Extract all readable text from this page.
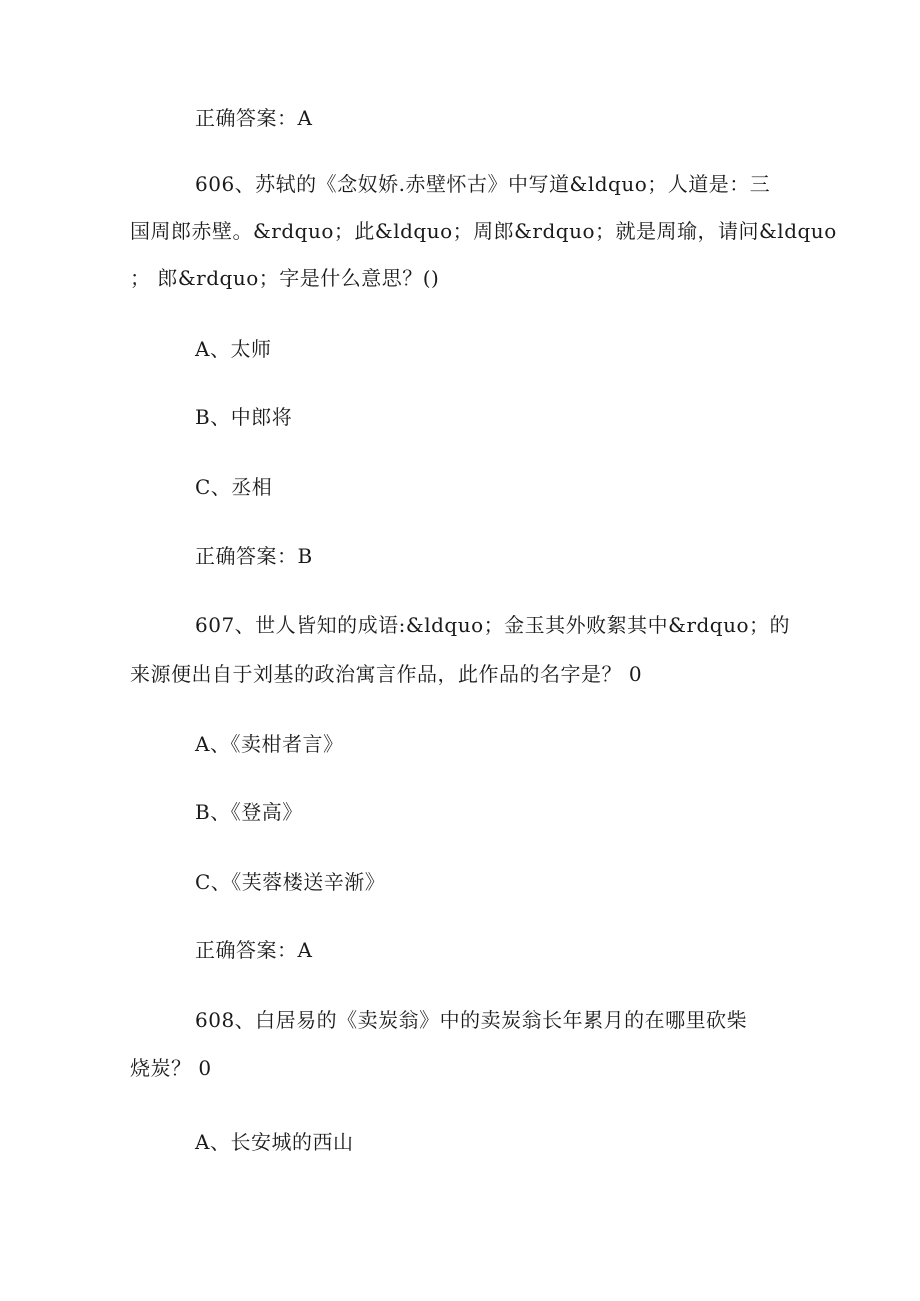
正确答案：A
606、苏轼的《念奴娇.赤壁怀古》中写道&ldquo；人道是：三
国周郎赤壁。&rdquo；此&ldquo；周郎&rdquo；就是周瑜，请问&ldquo
； 郎&rdquo；字是什么意思？()
A、太师
B、中郎将
C、丞相
正确答案：B
607、世人皆知的成语:&ldquo；金玉其外败絮其中&rdquo；的
来源便出自于刘基的政治寓言作品，此作品的名字是？ 0
A、《卖柑者言》
B、《登高》
C、《芙蓉楼送辛渐》
正确答案：A
608、白居易的《卖炭翁》中的卖炭翁长年累月的在哪里砍柴
烧炭？ 0
A、长安城的西山
